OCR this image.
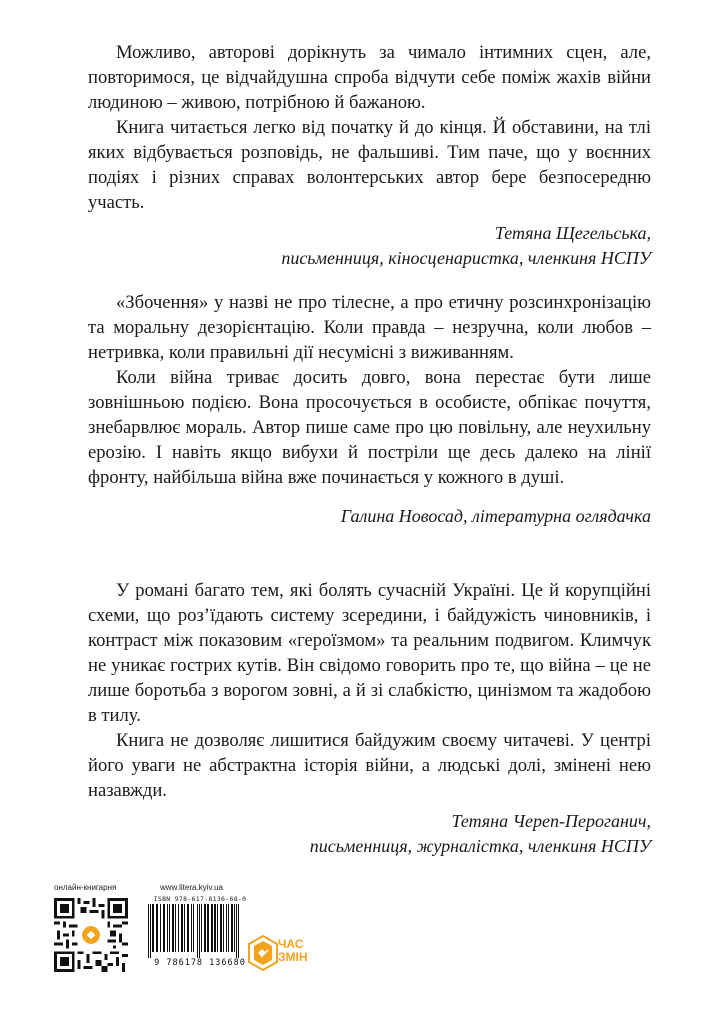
Можливо, авторові дорікнуть за чимало інтимних сцен, але, повторимося, це відчайдушна спроба відчути себе поміж жахів війни людиною – живою, потрібною й бажаною.

Книга читається легко від початку й до кінця. Й обставини, на тлі яких відбувається розповідь, не фальшиві. Тим паче, що у воєнних подіях і різних справах волонтерських автор бере безпосередню участь.

Тетяна Щегельська,
письменниця, кіносценаристка, членкиня НСПУ

«Збочення» у назві не про тілесне, а про етичну розсинхронізацію та моральну дезорієнтацію. Коли правда – незручна, коли любов – нетривка, коли правильні дії несумісні з виживанням.

Коли війна триває досить довго, вона перестає бути лише зовнішньою подією. Вона просочується в особисте, обпікає почуття, знебарвлює мораль. Автор пише саме про цю повільну, але неухильну ерозію. І навіть якщо вибухи й постріли ще десь далеко на лінії фронту, найбільша війна вже починається у кожного в душі.

Галина Новосад, літературна оглядачка

У романі багато тем, які болять сучасній Україні. Це й корупційні схеми, що роз’їдають систему зсередини, і байдужість чиновників, і контраст між показовим «героїзмом» та реальним подвигом. Климчук не уникає гострих кутів. Він свідомо говорить про те, що війна – це не лише боротьба з ворогом зовні, а й зі слабкістю, цинізмом та жадобою в тилу.

Книга не дозволяє лишитися байдужим своєму читачеві. У центрі його уваги не абстрактна історія війни, а людські долі, змінені нею назавжди.

Тетяна Череп-Пероганич,
письменниця, журналістка, членкиня НСПУ
онлайн-книгарня	www.litera.kyiv.ua
ISBN 978-617-8136-68-0
9 786178 136680
ЧАС
ЗМІН
